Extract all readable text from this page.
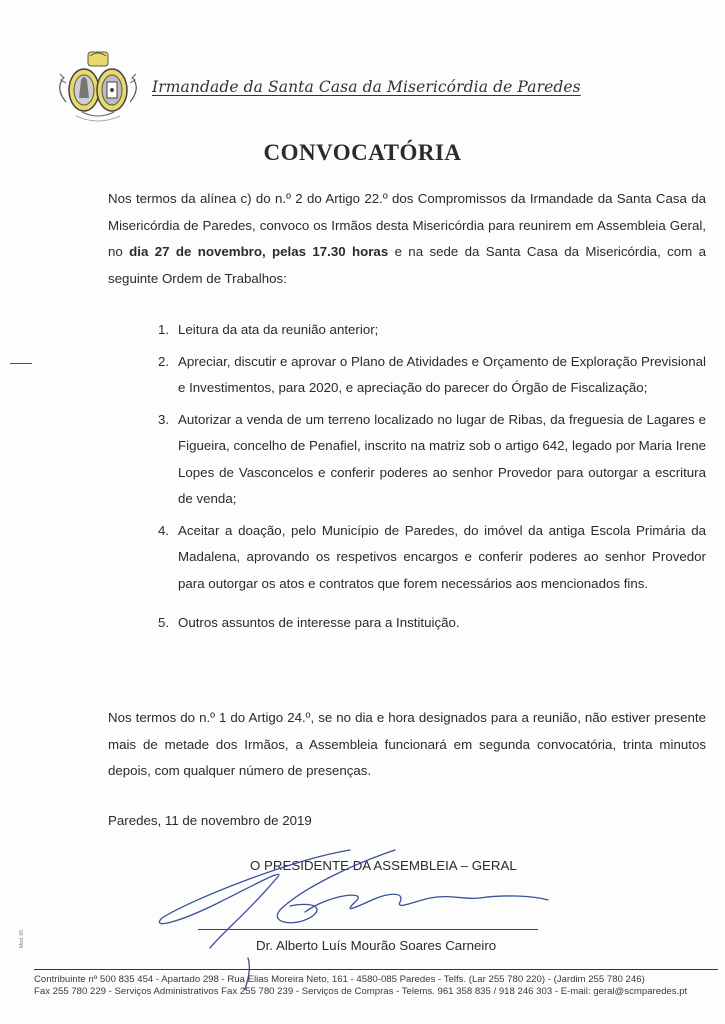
Irmandade da Santa Casa da Misericórdia de Paredes
CONVOCATÓRIA
Nos termos da alínea c) do n.º 2 do Artigo 22.º dos Compromissos da Irmandade da Santa Casa da Misericórdia de Paredes, convoco os Irmãos desta Misericórdia para reunirem em Assembleia Geral, no dia 27 de novembro, pelas 17.30 horas e na sede da Santa Casa da Misericórdia, com a seguinte Ordem de Trabalhos:
1. Leitura da ata da reunião anterior;
2. Apreciar, discutir e aprovar o Plano de Atividades e Orçamento de Exploração Previsional e Investimentos, para 2020, e apreciação do parecer do Órgão de Fiscalização;
3. Autorizar a venda de um terreno localizado no lugar de Ribas, da freguesia de Lagares e Figueira, concelho de Penafiel, inscrito na matriz sob o artigo 642, legado por Maria Irene Lopes de Vasconcelos e conferir poderes ao senhor Provedor para outorgar a escritura de venda;
4. Aceitar a doação, pelo Município de Paredes, do imóvel da antiga Escola Primária da Madalena, aprovando os respetivos encargos e conferir poderes ao senhor Provedor para outorgar os atos e contratos que forem necessários aos mencionados fins.
5. Outros assuntos de interesse para a Instituição.
Nos termos do n.º 1 do Artigo 24.º, se no dia e hora designados para a reunião, não estiver presente mais de metade dos Irmãos, a Assembleia funcionará em segunda convocatória, trinta minutos depois, com qualquer número de presenças.
Paredes, 11 de novembro de 2019
O PRESIDENTE DA ASSEMBLEIA – GERAL
Dr. Alberto Luís Mourão Soares Carneiro
Mod. 65
Contribuinte nº 500 835 454 - Apartado 298 - Rua Elias Moreira Neto, 161 - 4580-085 Paredes - Telfs. (Lar 255 780 220) - (Jardim 255 780 246)
Fax 255 780 229 - Serviços Administrativos Fax 255 780 239 - Serviços de Compras - Telems. 961 358 835 / 918 246 303 - E-mail: geral@scmparedes.pt
